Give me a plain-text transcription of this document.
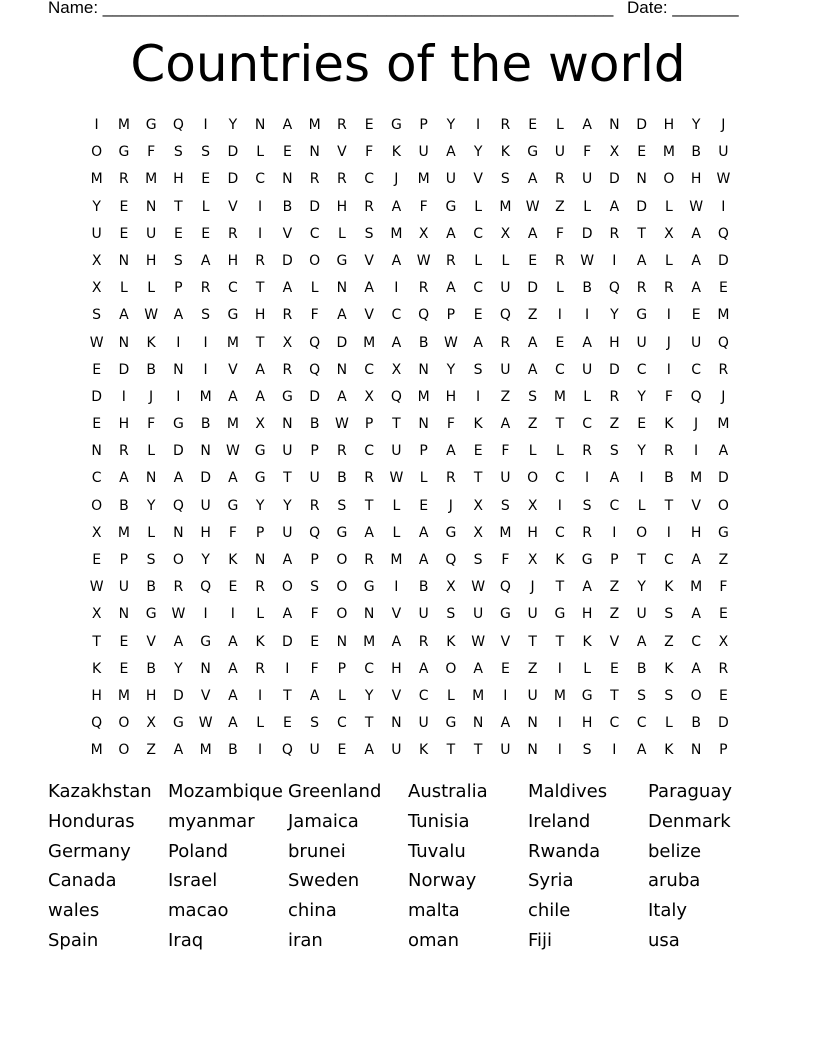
Name: ______________________________________________________ Date: _______
Countries of the world
I	M	G	Q	I	Y	N	A	M	R	E	G	P	Y	I	R	E	L	A	N	D	H	Y	J
O	G	F	S	S	D	L	E	N	V	F	K	U	A	Y	K	G	U	F	X	E	M	B	U
M	R	M	H	E	D	C	N	R	R	C	J	M	U	V	S	A	R	U	D	N	O	H	W
Y	E	N	T	L	V	I	B	D	H	R	A	F	G	L	M	W	Z	L	A	D	L	W	I
U	E	U	E	E	R	I	V	C	L	S	M	X	A	C	X	A	F	D	R	T	X	A	Q
X	N	H	S	A	H	R	D	O	G	V	A	W	R	L	L	E	R	W	I	A	L	A	D
X	L	L	P	R	C	T	A	L	N	A	I	R	A	C	U	D	L	B	Q	R	R	A	E
S	A	W	A	S	G	H	R	F	A	V	C	Q	P	E	Q	Z	I	I	Y	G	I	E	M
W	N	K	I	I	M	T	X	Q	D	M	A	B	W	A	R	A	E	A	H	U	J	U	Q
E	D	B	N	I	V	A	R	Q	N	C	X	N	Y	S	U	A	C	U	D	C	I	C	R
D	I	J	I	M	A	A	G	D	A	X	Q	M	H	I	Z	S	M	L	R	Y	F	Q	J
E	H	F	G	B	M	X	N	B	W	P	T	N	F	K	A	Z	T	C	Z	E	K	J	M
N	R	L	D	N	W	G	U	P	R	C	U	P	A	E	F	L	L	R	S	Y	R	I	A
C	A	N	A	D	A	G	T	U	B	R	W	L	R	T	U	O	C	I	A	I	B	M	D
O	B	Y	Q	U	G	Y	Y	R	S	T	L	E	J	X	S	X	I	S	C	L	T	V	O
X	M	L	N	H	F	P	U	Q	G	A	L	A	G	X	M	H	C	R	I	O	I	H	G
E	P	S	O	Y	K	N	A	P	O	R	M	A	Q	S	F	X	K	G	P	T	C	A	Z
W	U	B	R	Q	E	R	O	S	O	G	I	B	X	W	Q	J	T	A	Z	Y	K	M	F
X	N	G	W	I	I	L	A	F	O	N	V	U	S	U	G	U	G	H	Z	U	S	A	E
T	E	V	A	G	A	K	D	E	N	M	A	R	K	W	V	T	T	K	V	A	Z	C	X
K	E	B	Y	N	A	R	I	F	P	C	H	A	O	A	E	Z	I	L	E	B	K	A	R
H	M	H	D	V	A	I	T	A	L	Y	V	C	L	M	I	U	M	G	T	S	S	O	E
Q	O	X	G	W	A	L	E	S	C	T	N	U	G	N	A	N	I	H	C	C	L	B	D
M	O	Z	A	M	B	I	Q	U	E	A	U	K	T	T	U	N	I	S	I	A	K	N	P
Kazakhstan Mozambique Greenland	Australia	Maldives	Paraguay
Honduras	myanmar	Jamaica	Tunisia	Ireland	Denmark
Germany	Poland	brunei	Tuvalu	Rwanda	belize
Canada	Israel	Sweden	Norway	Syria	aruba
wales	macao	china	malta	chile	Italy
Spain	Iraq	iran	oman	Fiji	usa
